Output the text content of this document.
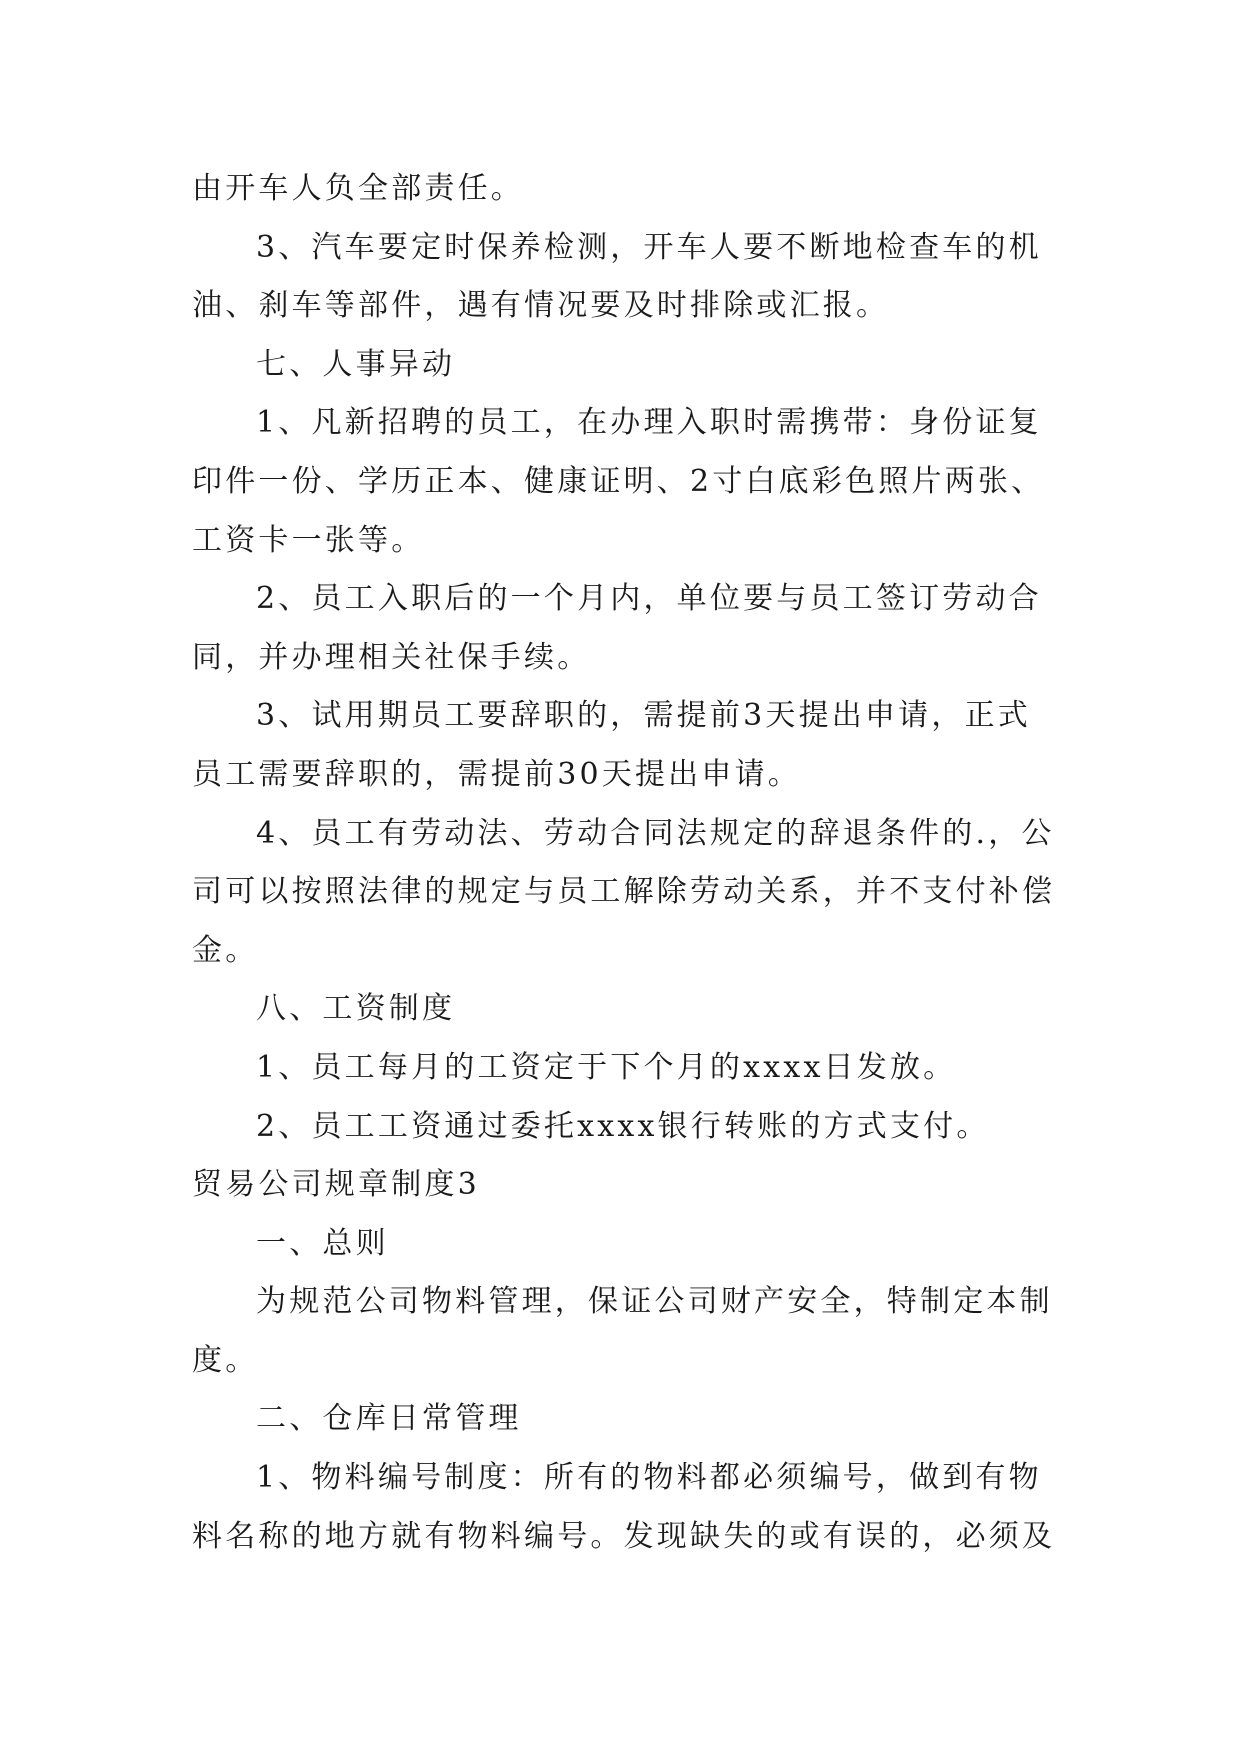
由开车人负全部责任。
3、汽车要定时保养检测，开车人要不断地检查车的机
油、刹车等部件，遇有情况要及时排除或汇报。
七、人事异动
1、凡新招聘的员工，在办理入职时需携带：身份证复
印件一份、学历正本、健康证明、2寸白底彩色照片两张、
工资卡一张等。
2、员工入职后的一个月内，单位要与员工签订劳动合
同，并办理相关社保手续。
3、试用期员工要辞职的，需提前3天提出申请，正式
员工需要辞职的，需提前30天提出申请。
4、员工有劳动法、劳动合同法规定的辞退条件的.，公
司可以按照法律的规定与员工解除劳动关系，并不支付补偿
金。
八、工资制度
1、员工每月的工资定于下个月的xxxx日发放。
2、员工工资通过委托xxxx银行转账的方式支付。
贸易公司规章制度3
一、总则
为规范公司物料管理，保证公司财产安全，特制定本制
度。
二、仓库日常管理
1、物料编号制度：所有的物料都必须编号，做到有物
料名称的地方就有物料编号。发现缺失的或有误的，必须及
